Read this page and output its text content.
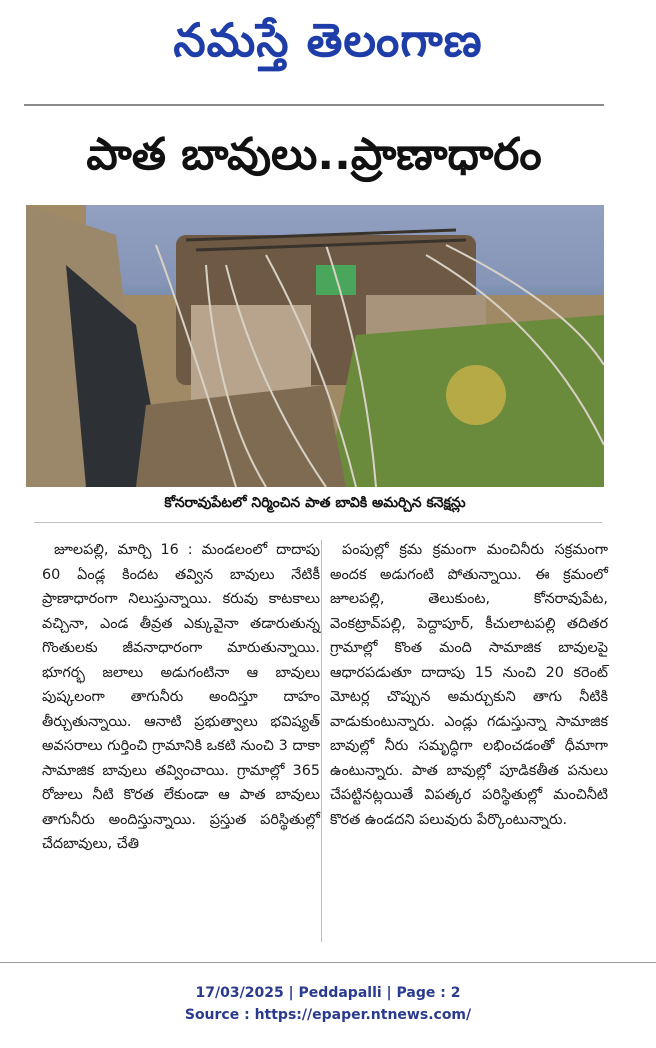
నమస్తే తెలంగాణ
పాత బావులు..ప్రాణాధారం
కోనరావుపేటలో నిర్మించిన పాత బావికి అమర్చిన కనెక్షన్లు

జూలపల్లి, మార్చి 16 : మండలంలో దాదాపు 60 ఏండ్ల కిందట తవ్విన బావులు నేటికీ ప్రాణాధారంగా నిలుస్తున్నాయి. కరువు కాటకాలు వచ్చినా, ఎండ తీవ్రత ఎక్కువైనా తడారుతున్న గొంతులకు జీవనాధారంగా మారుతున్నాయి. భూగర్భ జలాలు అడుగంటినా ఆ బావులు పుష్కలంగా తాగునీరు అందిస్తూ దాహం తీర్చుతున్నాయి. ఆనాటి ప్రభుత్వాలు భవిష్యత్ అవసరాలు గుర్తించి గ్రామానికి ఒకటి నుంచి 3 దాకా సామాజిక బావులు తవ్వించాయి. గ్రామాల్లో 365 రోజులు నీటి కొరత లేకుండా ఆ పాత బావులు తాగునీరు అందిస్తున్నాయి. ప్రస్తుత పరిస్థితుల్లో చేదబావులు, చేతి

పంపుల్లో క్రమ క్రమంగా మంచినీరు సక్రమంగా అందక అడుగంటి పోతున్నాయి. ఈ క్రమంలో జూలపల్లి, తెలుకుంట, కోనరావుపేట, వెంకట్రావ్‌పల్లి, పెద్దాపూర్, కీచులాటపల్లి తదితర గ్రామాల్లో కొంత మంది సామాజిక బావులపై ఆధారపడుతూ దాదాపు 15 నుంచి 20 కరెంట్ మోటర్ల చొప్పున అమర్చుకుని తాగు నీటికి వాడుకుంటున్నారు. ఎండ్లు గడుస్తున్నా సామాజిక బావుల్లో నీరు సమృద్ధిగా లభించడంతో ధీమాగా ఉంటున్నారు. పాత బావుల్లో పూడికతీత పనులు చేపట్టినట్లయితే విపత్కర పరిస్థితుల్లో మంచినీటి కొరత ఉండదని పలువురు పేర్కొంటున్నారు.

17/03/2025 | Peddapalli | Page : 2
Source : https://epaper.ntnews.com/
